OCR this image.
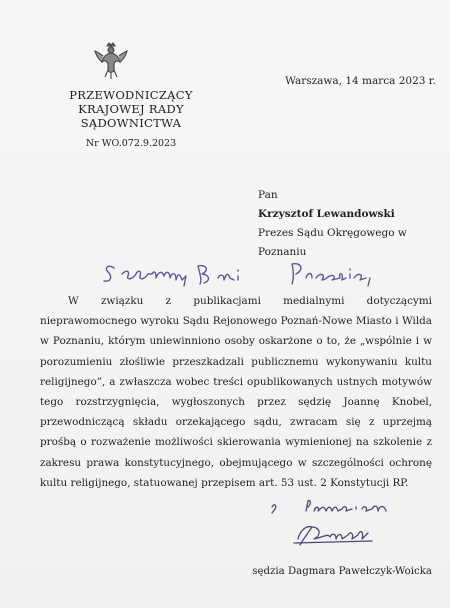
PRZEWODNICZĄCY
KRAJOWEJ RADY SĄDOWNICTWA
Nr WO.072.9.2023
Warszawa, 14 marca 2023 r.
Pan
Krzysztof Lewandowski
Prezes Sądu Okręgowego w Poznaniu
W związku z publikacjami medialnymi dotyczącymi nieprawomocnego wyroku Sądu Rejonowego Poznań-Nowe Miasto i Wilda w Poznaniu, którym uniewinniono osoby oskarżone o to, że „wspólnie i w porozumieniu złośliwie przeszkadzali publicznemu wykonywaniu kultu religijnego”, a zwłaszcza wobec treści opublikowanych ustnych motywów tego rozstrzygnięcia, wygłoszonych przez sędzię Joannę Knobel, przewodniczącą składu orzekającego sądu, zwracam się z uprzejmą prośbą o rozważenie możliwości skierowania wymienionej na szkolenie z zakresu prawa konstytucyjnego, obejmującego w szczególności ochronę kultu religijnego, statuowanej przepisem art. 53 ust. 2 Konstytucji RP.
sędzia Dagmara Pawełczyk-Woicka
